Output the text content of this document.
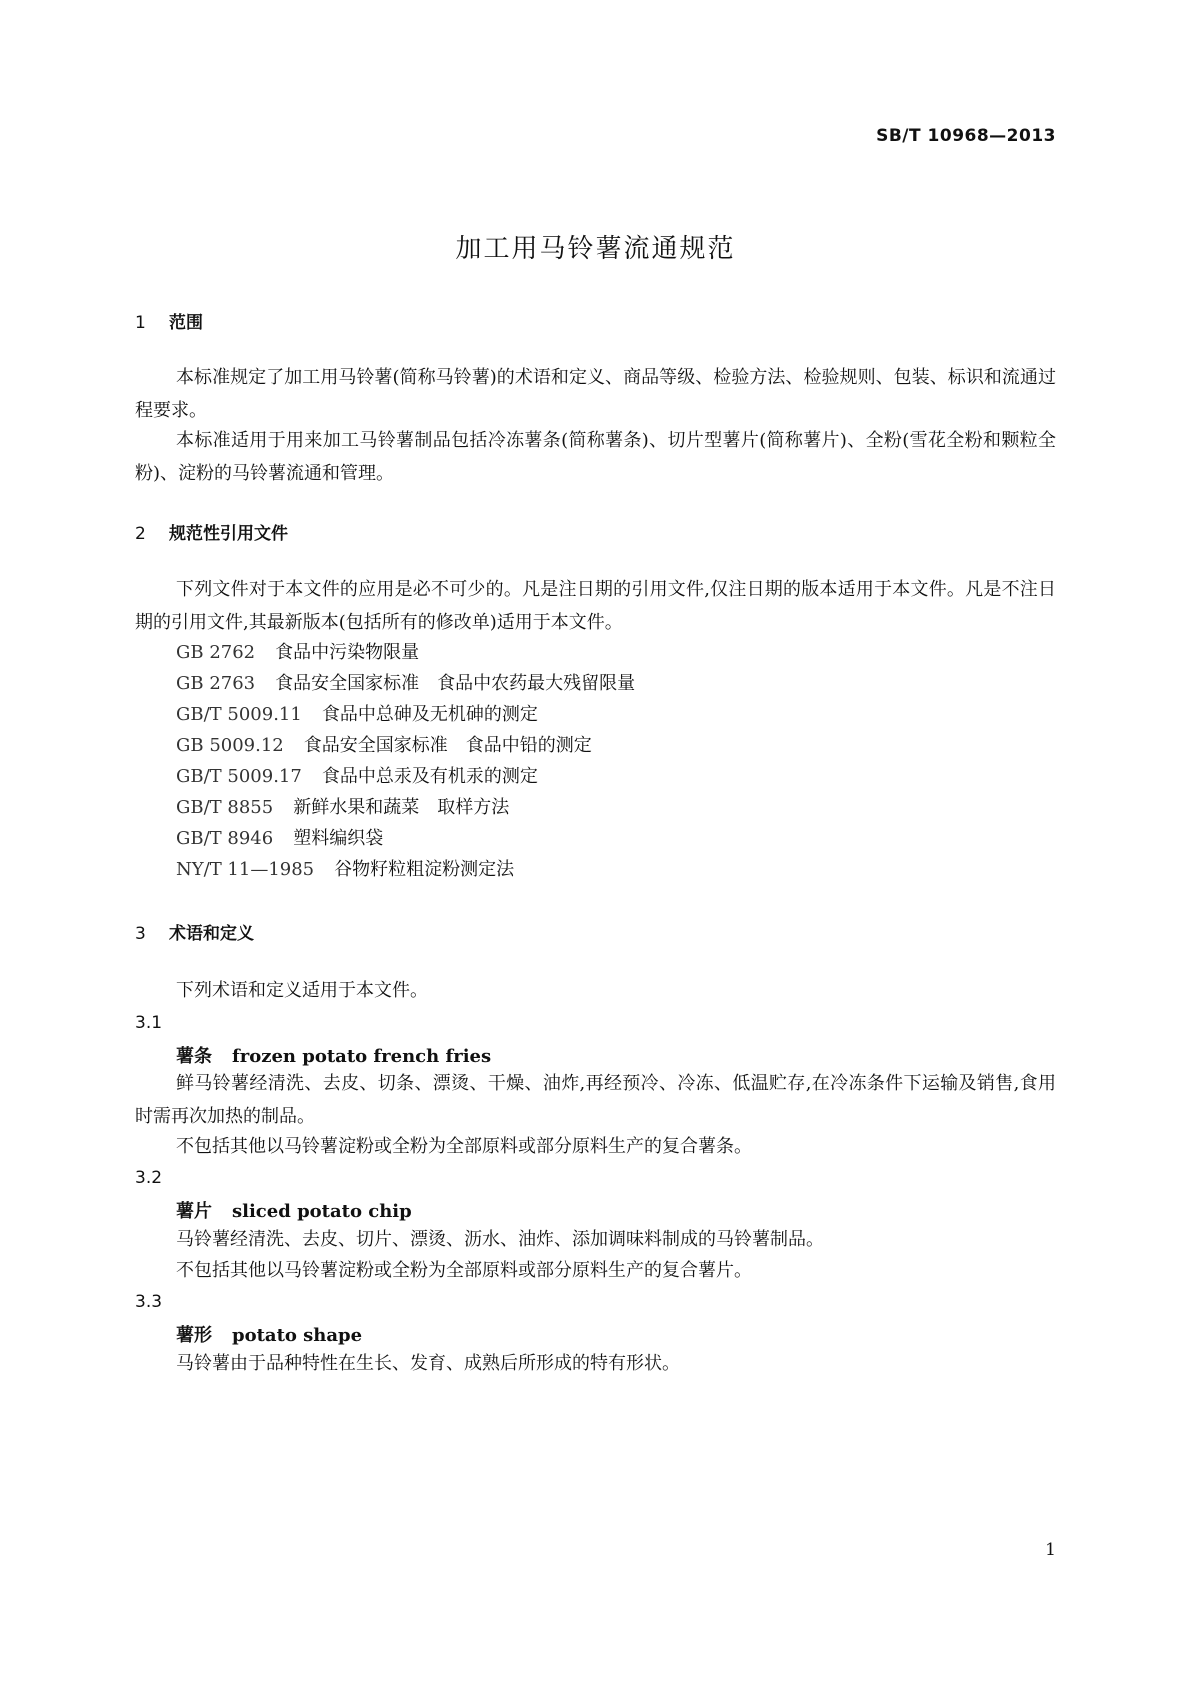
SB/T 10968—2013
加工用马铃薯流通规范
1 范围
本标准规定了加工用马铃薯(简称马铃薯)的术语和定义、商品等级、检验方法、检验规则、包装、标识和流通过程要求。
本标准适用于用来加工马铃薯制品包括冷冻薯条(简称薯条)、切片型薯片(简称薯片)、全粉(雪花全粉和颗粒全粉)、淀粉的马铃薯流通和管理。
2 规范性引用文件
下列文件对于本文件的应用是必不可少的。凡是注日期的引用文件,仅注日期的版本适用于本文件。凡是不注日期的引用文件,其最新版本(包括所有的修改单)适用于本文件。
GB 2762 食品中污染物限量
GB 2763 食品安全国家标准 食品中农药最大残留限量
GB/T 5009.11 食品中总砷及无机砷的测定
GB 5009.12 食品安全国家标准 食品中铅的测定
GB/T 5009.17 食品中总汞及有机汞的测定
GB/T 8855 新鲜水果和蔬菜 取样方法
GB/T 8946 塑料编织袋
NY/T 11—1985 谷物籽粒粗淀粉测定法
3 术语和定义
下列术语和定义适用于本文件。
3.1
薯条 frozen potato french fries
鲜马铃薯经清洗、去皮、切条、漂烫、干燥、油炸,再经预冷、冷冻、低温贮存,在冷冻条件下运输及销售,食用时需再次加热的制品。
不包括其他以马铃薯淀粉或全粉为全部原料或部分原料生产的复合薯条。
3.2
薯片 sliced potato chip
马铃薯经清洗、去皮、切片、漂烫、沥水、油炸、添加调味料制成的马铃薯制品。
不包括其他以马铃薯淀粉或全粉为全部原料或部分原料生产的复合薯片。
3.3
薯形 potato shape
马铃薯由于品种特性在生长、发育、成熟后所形成的特有形状。
1
